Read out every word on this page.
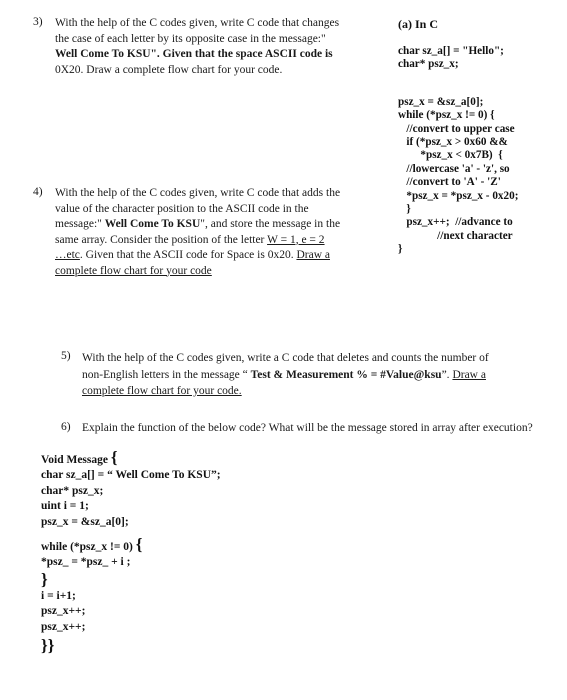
3) With the help of the C codes given, write C code that changes
the case of each letter by its opposite case in the message:"
Well Come To KSU". Given that the space ASCII code is
0X20. Draw a complete flow chart for your code.
(a) In C
char sz_a[] = "Hello";
char* psz_x;
psz_x = &sz_a[0];
while (*psz_x != 0) {
//convert to upper case
if (*psz_x > 0x60 &&
*psz_x < 0x7B)  {
//lowercase 'a' - 'z', so
//convert to 'A' - 'Z'
*psz_x = *psz_x - 0x20;
}
psz_x++;  //advance to
//next character
}
4) With the help of the C codes given, write C code that adds the
value of the character position to the ASCII code in the
message:" Well Come To KSU", and store the message in the
same array. Consider the position of the letter W = 1, e = 2
…etc. Given that the ASCII code for Space is 0x20. Draw a
complete flow chart for your code
5) With the help of the C codes given, write a C code that deletes and counts the number of
non-English letters in the message “ Test & Measurement % = #Value@ksu”. Draw a
complete flow chart for your code.
6) Explain the function of the below code? What will be the message stored in array after execution?
Void Message {
char sz_a[] = “ Well Come To KSU”;
char* psz_x;
uint i = 1;
psz_x = &sz_a[0];
while (*psz_x != 0) {
*psz_ = *psz_ + i ;
}
i = i+1;
psz_x++;
psz_x++;
}}
